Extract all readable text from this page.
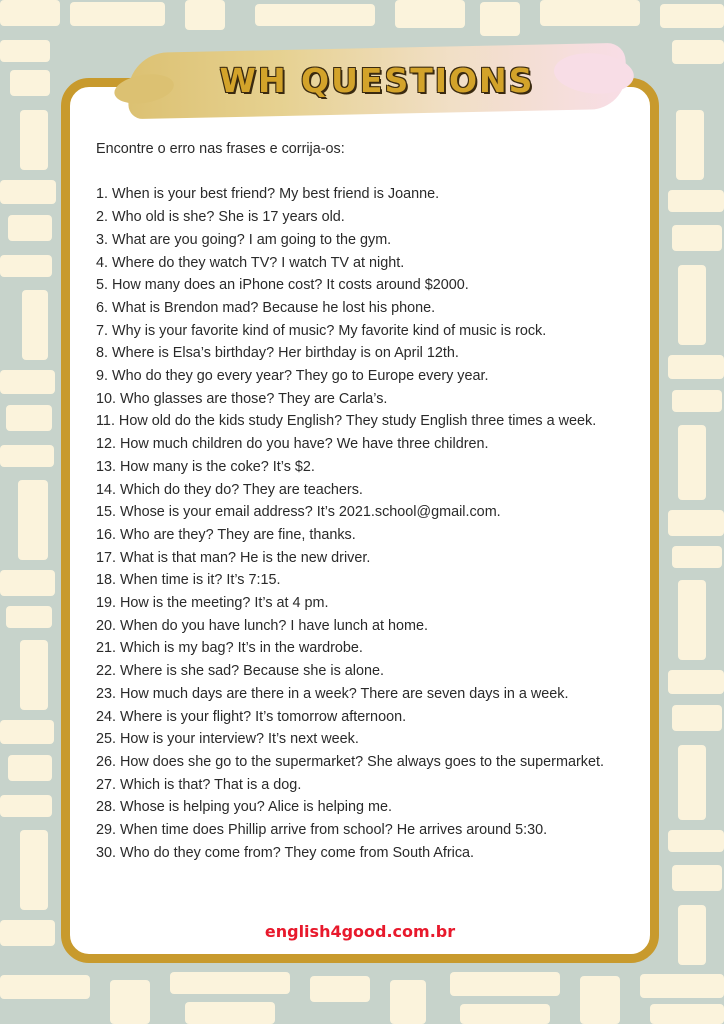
WH QUESTIONS

Encontre o erro nas frases e corrija-os:

1. When is your best friend? My best friend is Joanne.
2. Who old is she? She is 17 years old.
3. What are you going? I am going to the gym.
4. Where do they watch TV? I watch TV at night.
5. How many does an iPhone cost? It costs around $2000.
6. What is Brendon mad? Because he lost his phone.
7. Why is your favorite kind of music? My favorite kind of music is rock.
8. Where is Elsa’s birthday? Her birthday is on April 12th.
9. Who do they go every year? They go to Europe every year.
10. Who glasses are those? They are Carla’s.
11. How old do the kids study English? They study English three times a week.
12. How much children do you have? We have three children.
13. How many is the coke? It’s $2.
14. Which do they do? They are teachers.
15. Whose is your email address? It’s 2021.school@gmail.com.
16. Who are they? They are fine, thanks.
17. What is that man? He is the new driver.
18. When time is it? It’s 7:15.
19. How is the meeting? It’s at 4 pm.
20. When do you have lunch? I have lunch at home.
21. Which is my bag? It’s in the wardrobe.
22. Where is she sad? Because she is alone.
23. How much days are there in a week? There are seven days in a week.
24. Where is your flight? It’s tomorrow afternoon.
25. How is your interview? It’s next week.
26. How does she go to the supermarket? She always goes to the supermarket.
27. Which is that? That is a dog.
28. Whose is helping you? Alice is helping me.
29. When time does Phillip arrive from school? He arrives around 5:30.
30. Who do they come from? They come from South Africa.

english4good.com.br
